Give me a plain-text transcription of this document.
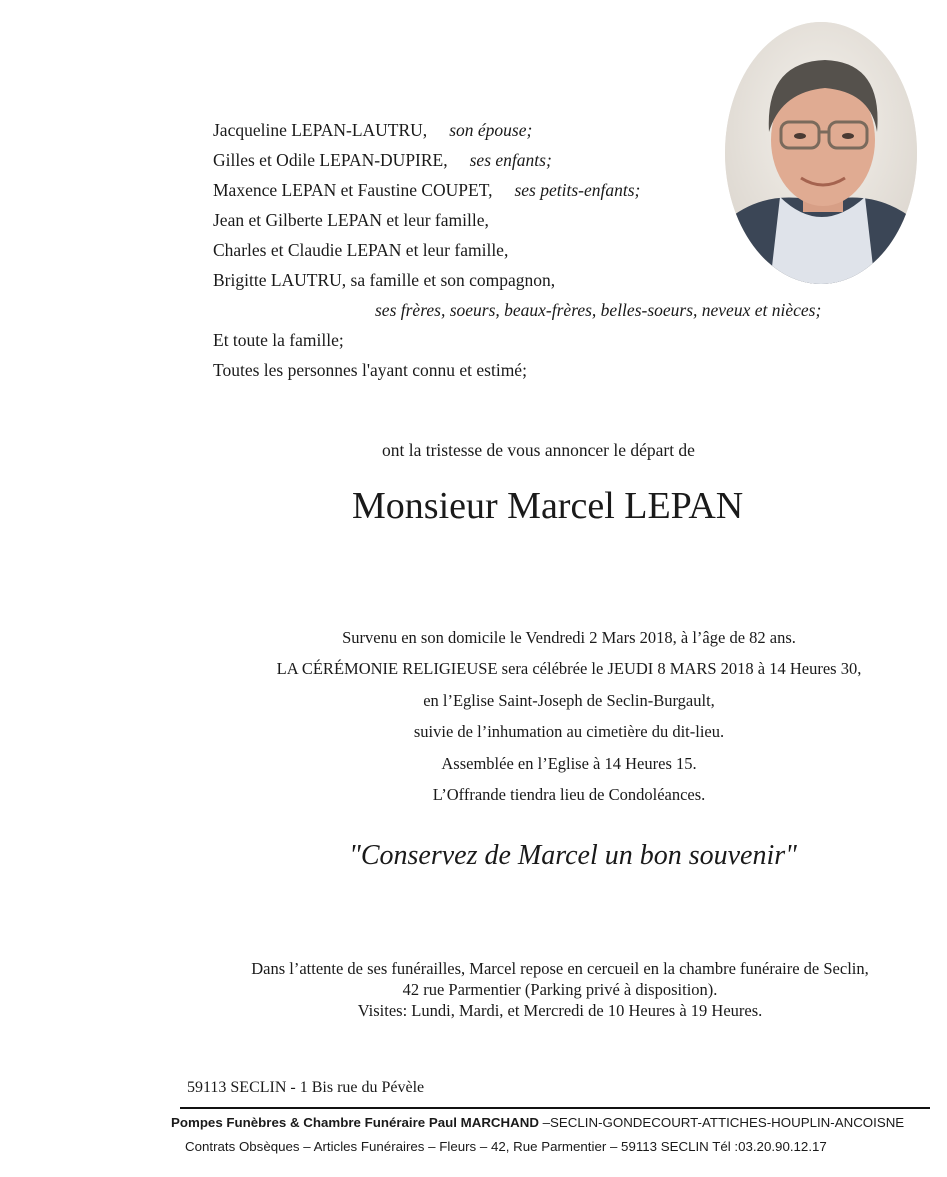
Jacqueline LEPAN-LAUTRU, son épouse;
Gilles et Odile LEPAN-DUPIRE, ses enfants;
Maxence LEPAN et Faustine COUPET, ses petits-enfants;
Jean et Gilberte LEPAN et leur famille,
Charles et Claudie LEPAN et leur famille,
Brigitte LAUTRU, sa famille et son compagnon,
ses frères, soeurs, beaux-frères, belles-soeurs, neveux et nièces;
Et toute la famille;
Toutes les personnes l'ayant connu et estimé;
ont la tristesse de vous annoncer le départ de
Monsieur Marcel LEPAN
Survenu en son domicile le Vendredi 2 Mars 2018, à l’âge de 82 ans.
LA CÉRÉMONIE RELIGIEUSE sera célébrée le JEUDI 8 MARS 2018 à 14 Heures 30,
en l’Eglise Saint-Joseph de Seclin-Burgault,
suivie de l’inhumation au cimetière du dit-lieu.
Assemblée en l’Eglise à 14 Heures 15.
L’Offrande tiendra lieu de Condoléances.
"Conservez de Marcel un bon souvenir"
Dans l’attente de ses funérailles, Marcel repose en cercueil en la chambre funéraire de Seclin,
42 rue Parmentier (Parking privé à disposition).
Visites: Lundi, Mardi, et Mercredi de 10 Heures à 19 Heures.
59113 SECLIN - 1 Bis rue du Pévèle
Pompes Funèbres & Chambre Funéraire Paul MARCHAND –SECLIN-GONDECOURT-ATTICHES-HOUPLIN-ANCOISNE
Contrats Obsèques – Articles Funéraires – Fleurs – 42, Rue Parmentier – 59113 SECLIN Tél :03.20.90.12.17
